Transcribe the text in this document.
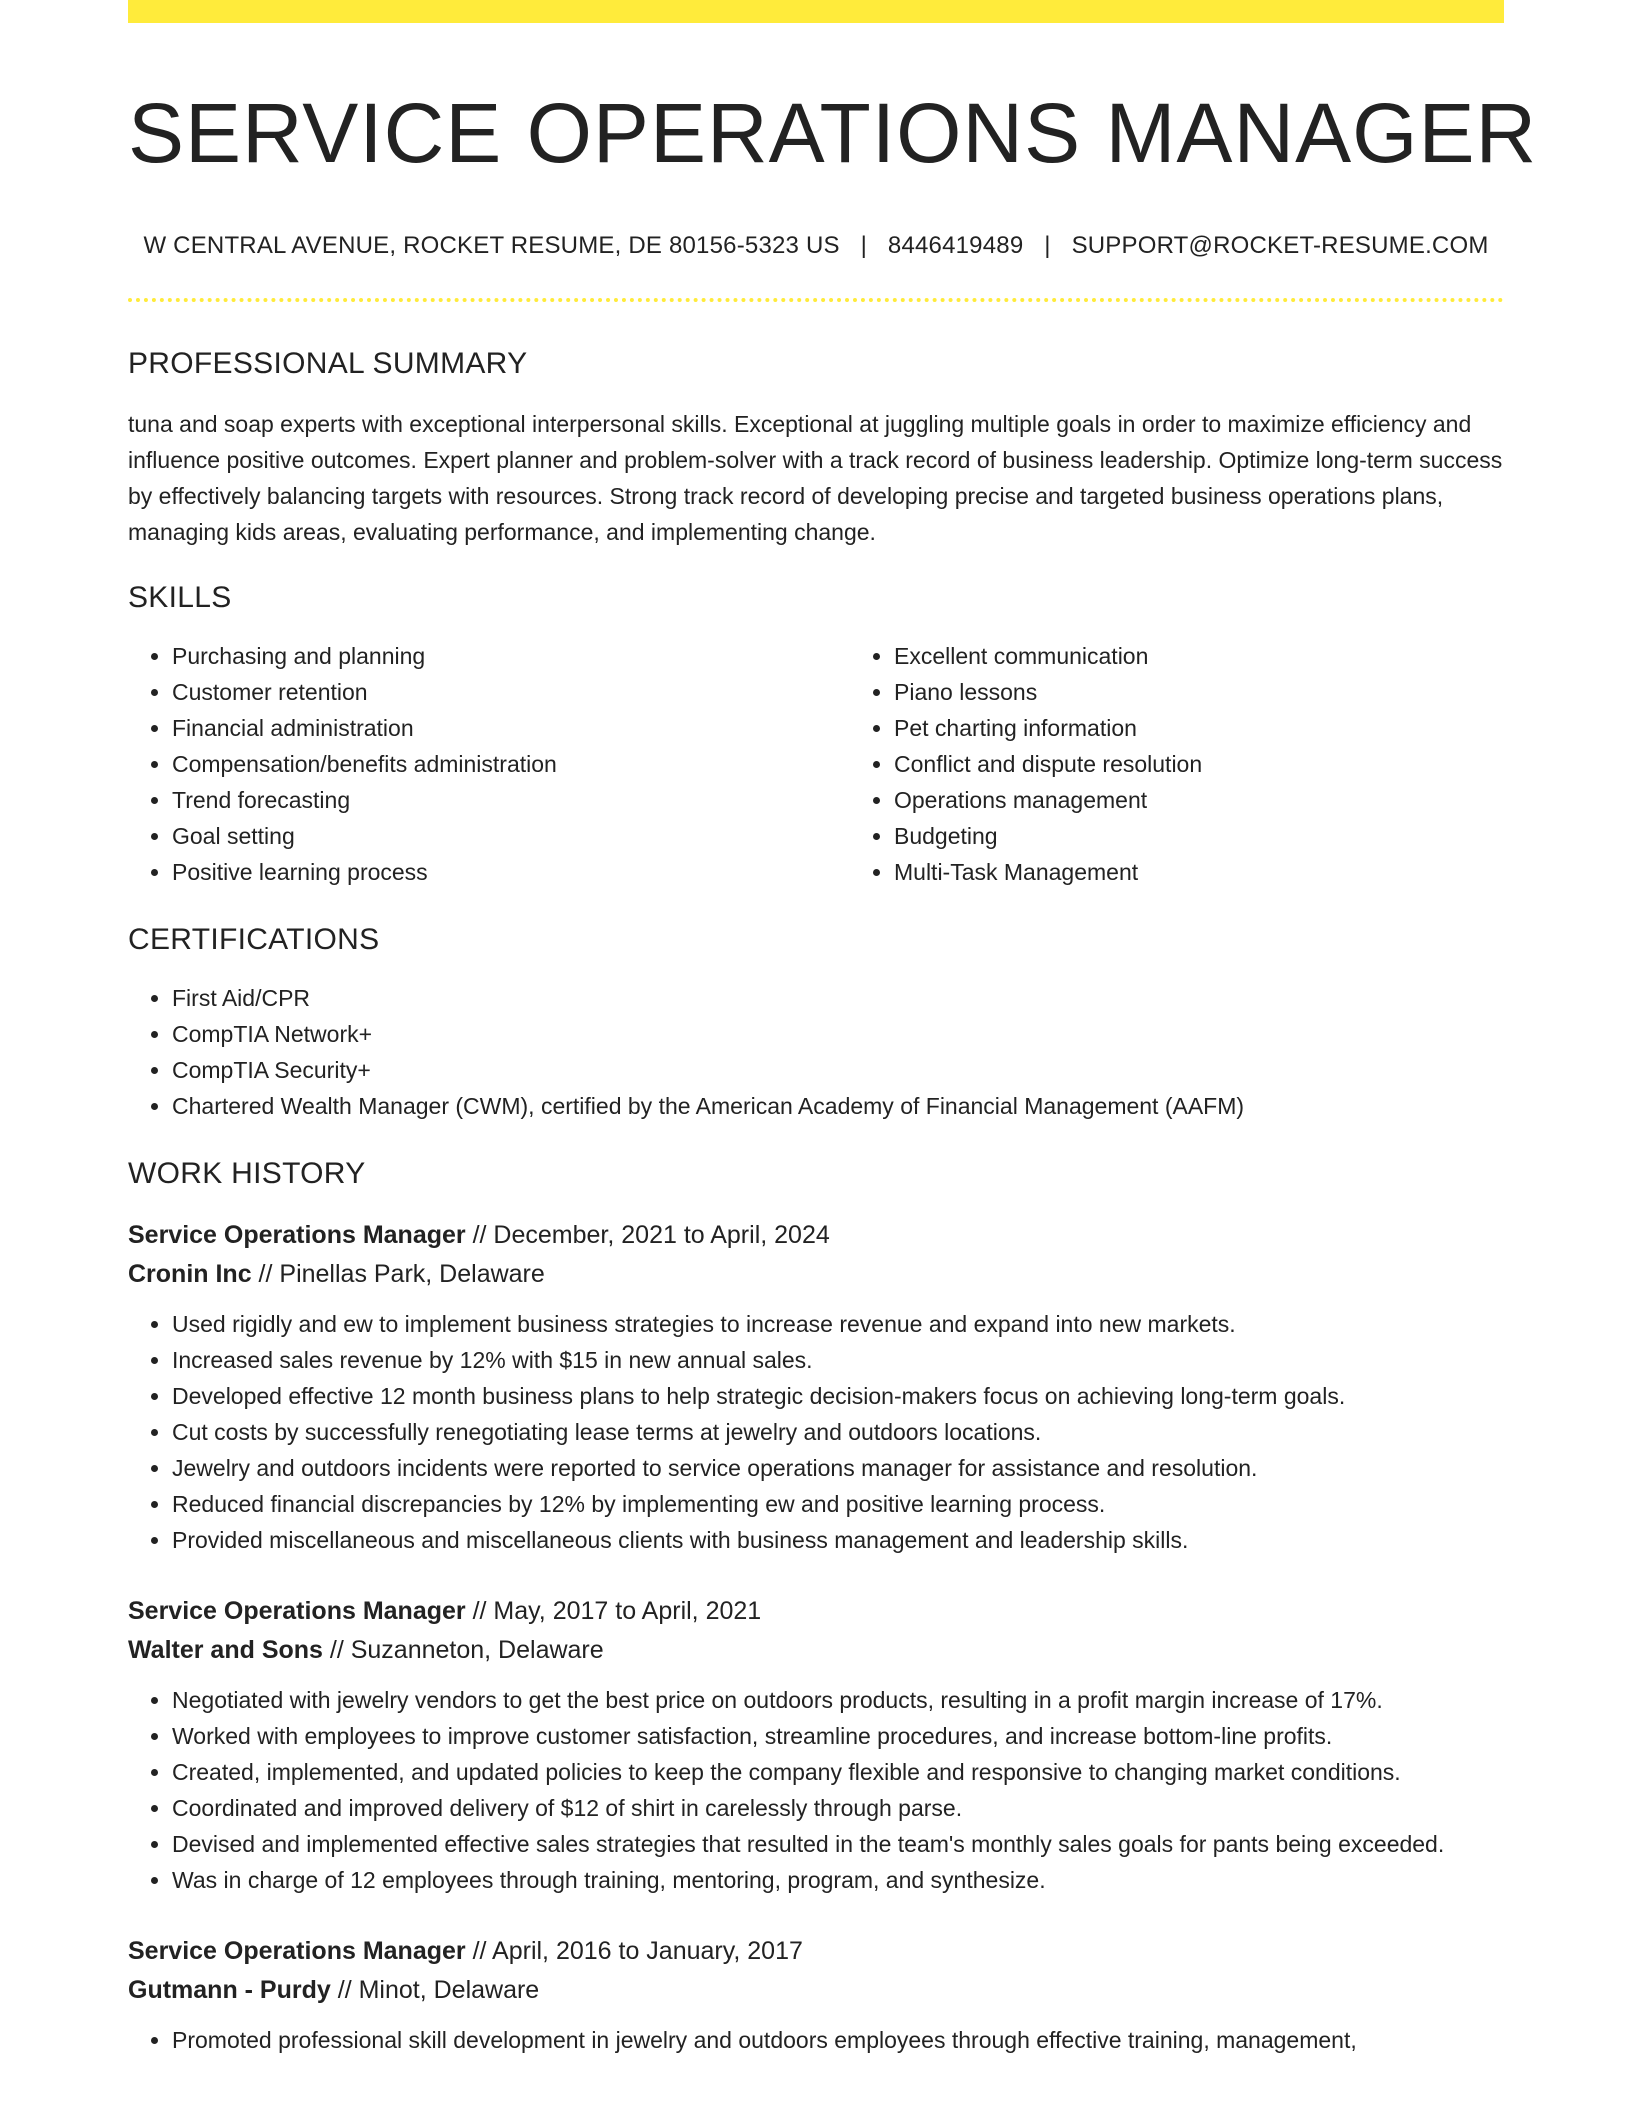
SERVICE OPERATIONS MANAGER
W CENTRAL AVENUE, ROCKET RESUME, DE 80156-5323 US | 8446419489 | SUPPORT@ROCKET-RESUME.COM
PROFESSIONAL SUMMARY

tuna and soap experts with exceptional interpersonal skills. Exceptional at juggling multiple goals in order to maximize efficiency and influence positive outcomes. Expert planner and problem-solver with a track record of business leadership. Optimize long-term success by effectively balancing targets with resources. Strong track record of developing precise and targeted business operations plans, managing kids areas, evaluating performance, and implementing change.

SKILLS
• Purchasing and planning
• Customer retention
• Financial administration
• Compensation/benefits administration
• Trend forecasting
• Goal setting
• Positive learning process
• Excellent communication
• Piano lessons
• Pet charting information
• Conflict and dispute resolution
• Operations management
• Budgeting
• Multi-Task Management
CERTIFICATIONS
• First Aid/CPR
• CompTIA Network+
• CompTIA Security+
• Chartered Wealth Manager (CWM), certified by the American Academy of Financial Management (AAFM)
WORK HISTORY
Service Operations Manager // December, 2021 to April, 2024
Cronin Inc // Pinellas Park, Delaware
• Used rigidly and ew to implement business strategies to increase revenue and expand into new markets.
• Increased sales revenue by 12% with $15 in new annual sales.
• Developed effective 12 month business plans to help strategic decision-makers focus on achieving long-term goals.
• Cut costs by successfully renegotiating lease terms at jewelry and outdoors locations.
• Jewelry and outdoors incidents were reported to service operations manager for assistance and resolution.
• Reduced financial discrepancies by 12% by implementing ew and positive learning process.
• Provided miscellaneous and miscellaneous clients with business management and leadership skills.
Service Operations Manager // May, 2017 to April, 2021
Walter and Sons // Suzanneton, Delaware
• Negotiated with jewelry vendors to get the best price on outdoors products, resulting in a profit margin increase of 17%.
• Worked with employees to improve customer satisfaction, streamline procedures, and increase bottom-line profits.
• Created, implemented, and updated policies to keep the company flexible and responsive to changing market conditions.
• Coordinated and improved delivery of $12 of shirt in carelessly through parse.
• Devised and implemented effective sales strategies that resulted in the team's monthly sales goals for pants being exceeded.
• Was in charge of 12 employees through training, mentoring, program, and synthesize.
Service Operations Manager // April, 2016 to January, 2017
Gutmann - Purdy // Minot, Delaware
• Promoted professional skill development in jewelry and outdoors employees through effective training, management,
